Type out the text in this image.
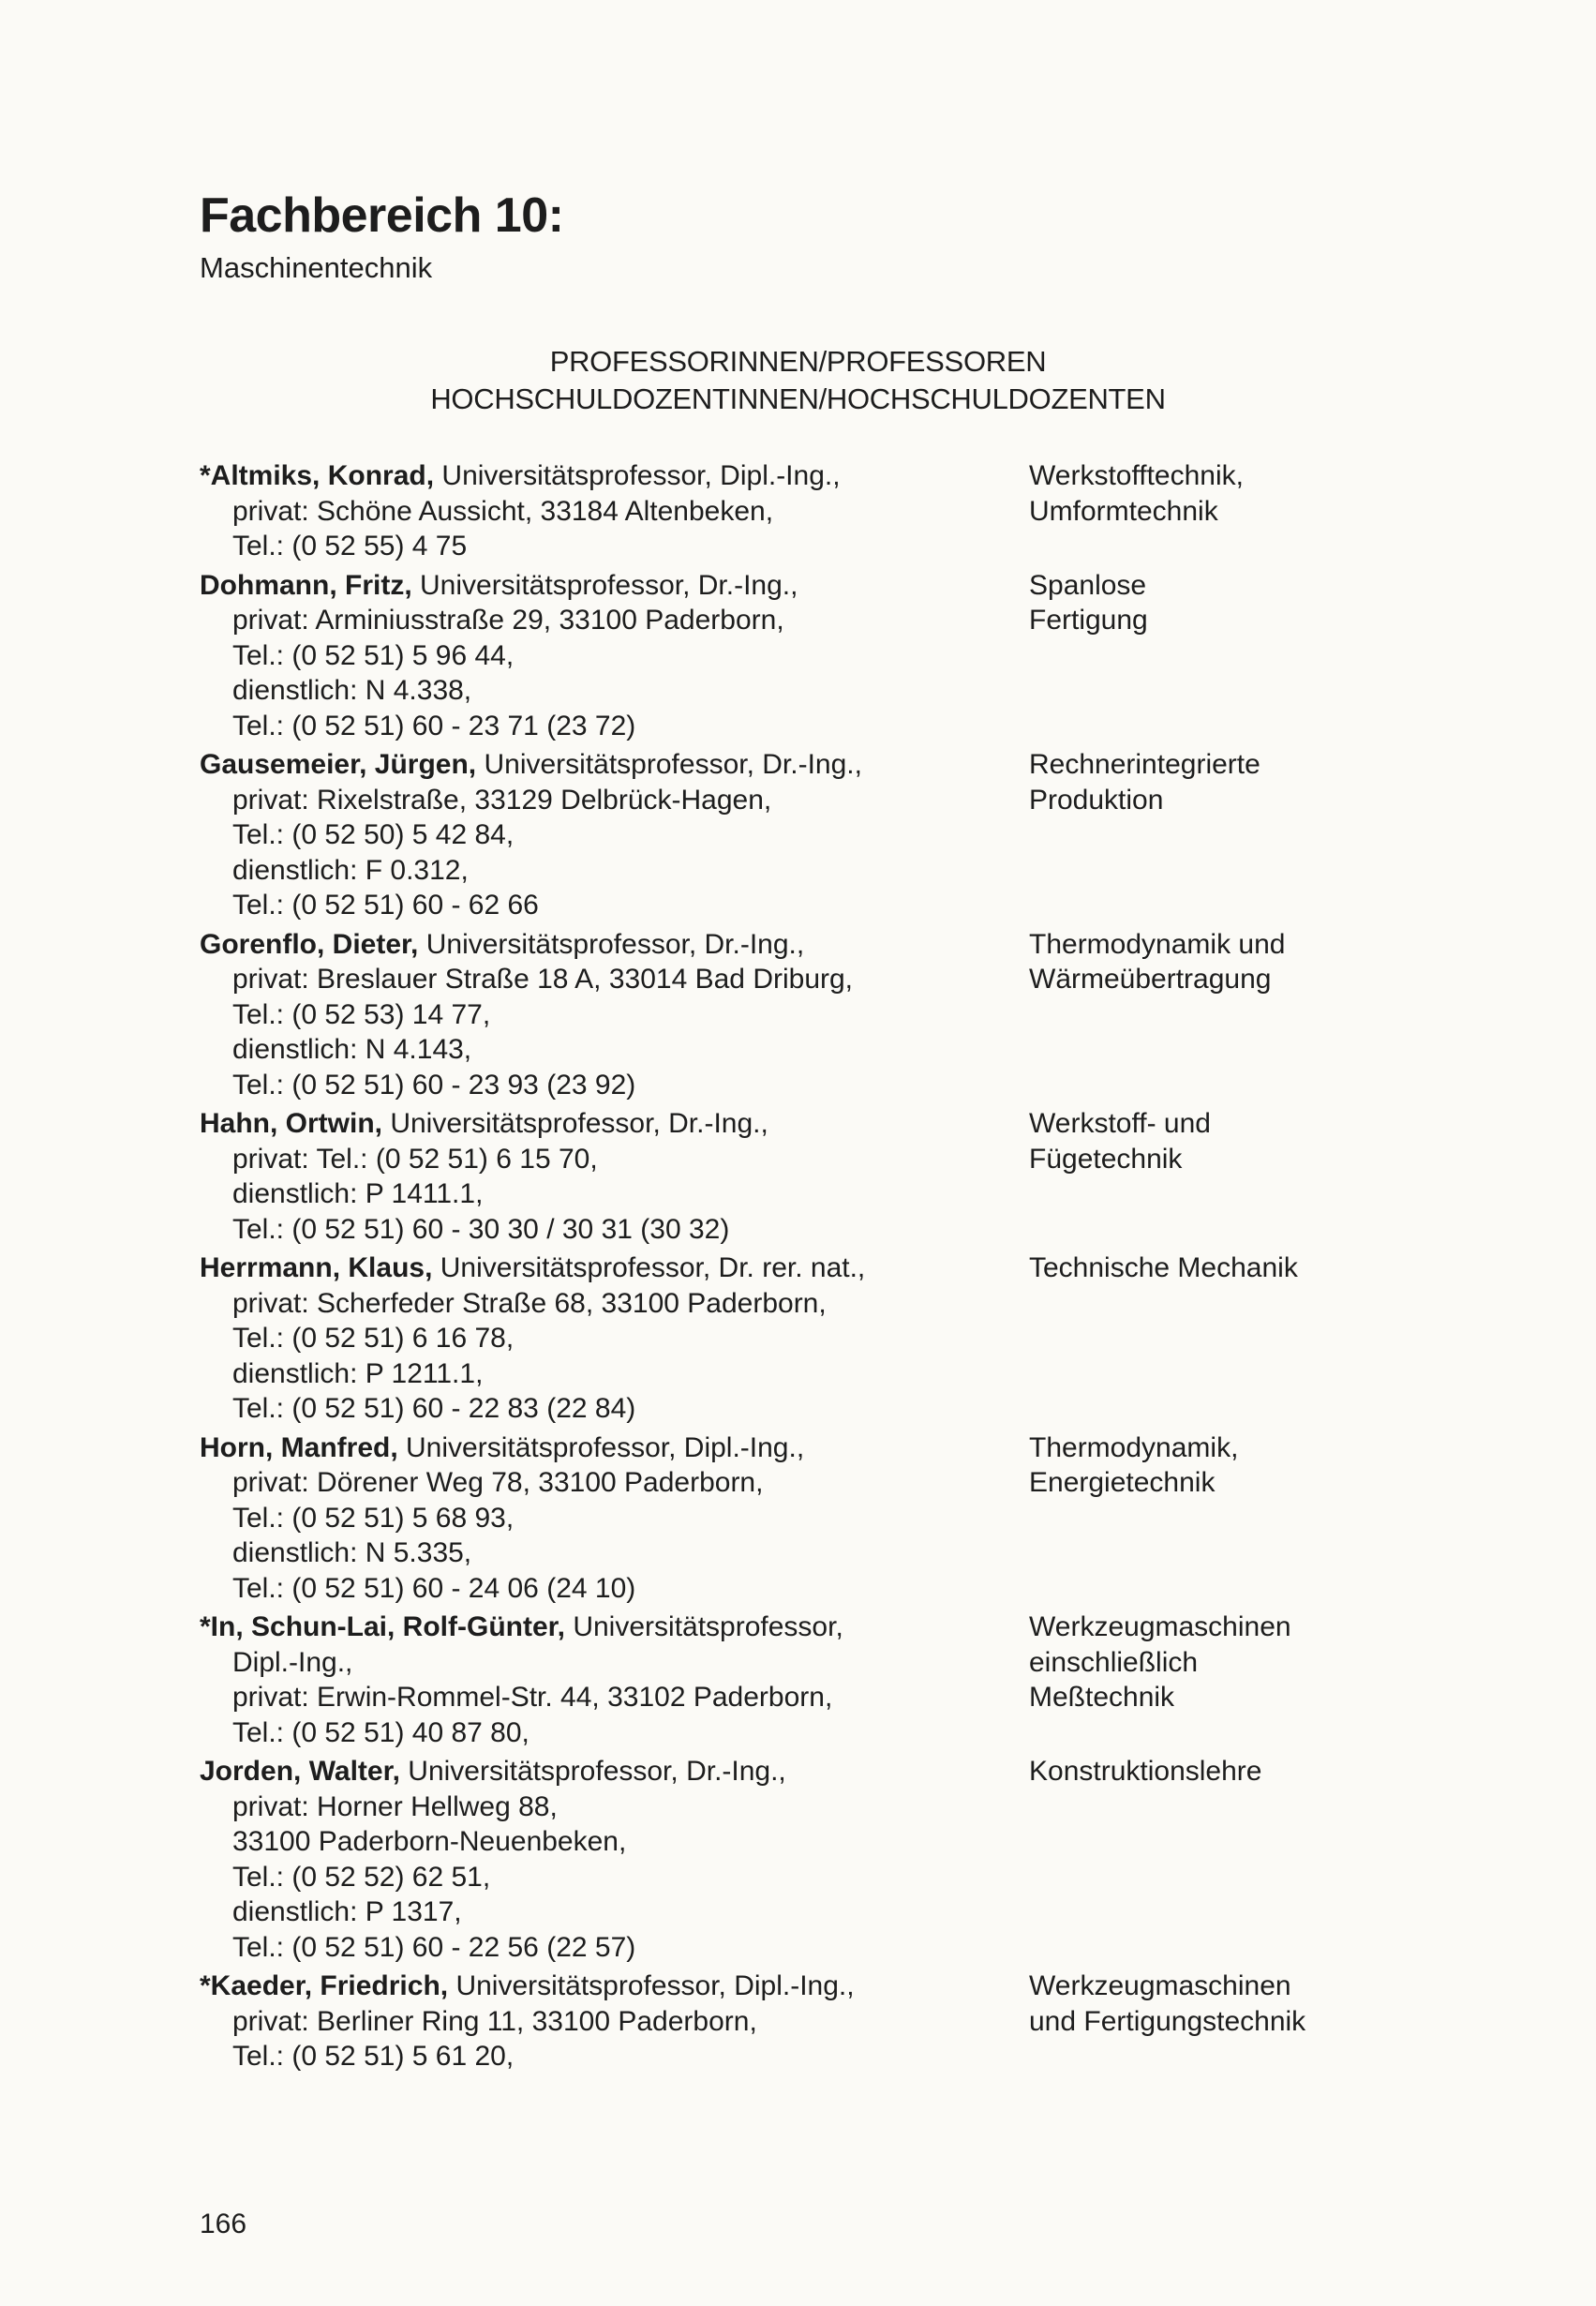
Fachbereich 10:
Maschinentechnik
PROFESSORINNEN/PROFESSOREN
HOCHSCHULDOZENTINNEN/HOCHSCHULDOZENTEN
*Altmiks, Konrad, Universitätsprofessor, Dipl.-Ing.,
privat: Schöne Aussicht, 33184 Altenbeken,
Tel.: (0 52 55) 4 75
Werkstofftechnik,
Umformtechnik
Dohmann, Fritz, Universitätsprofessor, Dr.-Ing.,
privat: Arminiusstraße 29, 33100 Paderborn,
Tel.: (0 52 51) 5 96 44,
dienstlich: N 4.338,
Tel.: (0 52 51) 60 - 23 71 (23 72)
Spanlose
Fertigung
Gausemeier, Jürgen, Universitätsprofessor, Dr.-Ing.,
privat: Rixelstraße, 33129 Delbrück-Hagen,
Tel.: (0 52 50) 5 42 84,
dienstlich: F 0.312,
Tel.: (0 52 51) 60 - 62 66
Rechnerintegrierte
Produktion
Gorenflo, Dieter, Universitätsprofessor, Dr.-Ing.,
privat: Breslauer Straße 18 A, 33014 Bad Driburg,
Tel.: (0 52 53) 14 77,
dienstlich: N 4.143,
Tel.: (0 52 51) 60 - 23 93 (23 92)
Thermodynamik und
Wärmeübertragung
Hahn, Ortwin, Universitätsprofessor, Dr.-Ing.,
privat: Tel.: (0 52 51) 6 15 70,
dienstlich: P 1411.1,
Tel.: (0 52 51) 60 - 30 30 / 30 31 (30 32)
Werkstoff- und
Fügetechnik
Herrmann, Klaus, Universitätsprofessor, Dr. rer. nat.,
privat: Scherfeder Straße 68, 33100 Paderborn,
Tel.: (0 52 51) 6 16 78,
dienstlich: P 1211.1,
Tel.: (0 52 51) 60 - 22 83 (22 84)
Technische Mechanik
Horn, Manfred, Universitätsprofessor, Dipl.-Ing.,
privat: Dörener Weg 78, 33100 Paderborn,
Tel.: (0 52 51) 5 68 93,
dienstlich: N 5.335,
Tel.: (0 52 51) 60 - 24 06 (24 10)
Thermodynamik,
Energietechnik
*In, Schun-Lai, Rolf-Günter, Universitätsprofessor,
Dipl.-Ing.,
privat: Erwin-Rommel-Str. 44, 33102 Paderborn,
Tel.: (0 52 51) 40 87 80,
Werkzeugmaschinen
einschließlich
Meßtechnik
Jorden, Walter, Universitätsprofessor, Dr.-Ing.,
privat: Horner Hellweg 88,
33100 Paderborn-Neuenbeken,
Tel.: (0 52 52) 62 51,
dienstlich: P 1317,
Tel.: (0 52 51) 60 - 22 56 (22 57)
Konstruktionslehre
*Kaeder, Friedrich, Universitätsprofessor, Dipl.-Ing.,
privat: Berliner Ring 11, 33100 Paderborn,
Tel.: (0 52 51) 5 61 20,
Werkzeugmaschinen
und Fertigungstechnik
166
